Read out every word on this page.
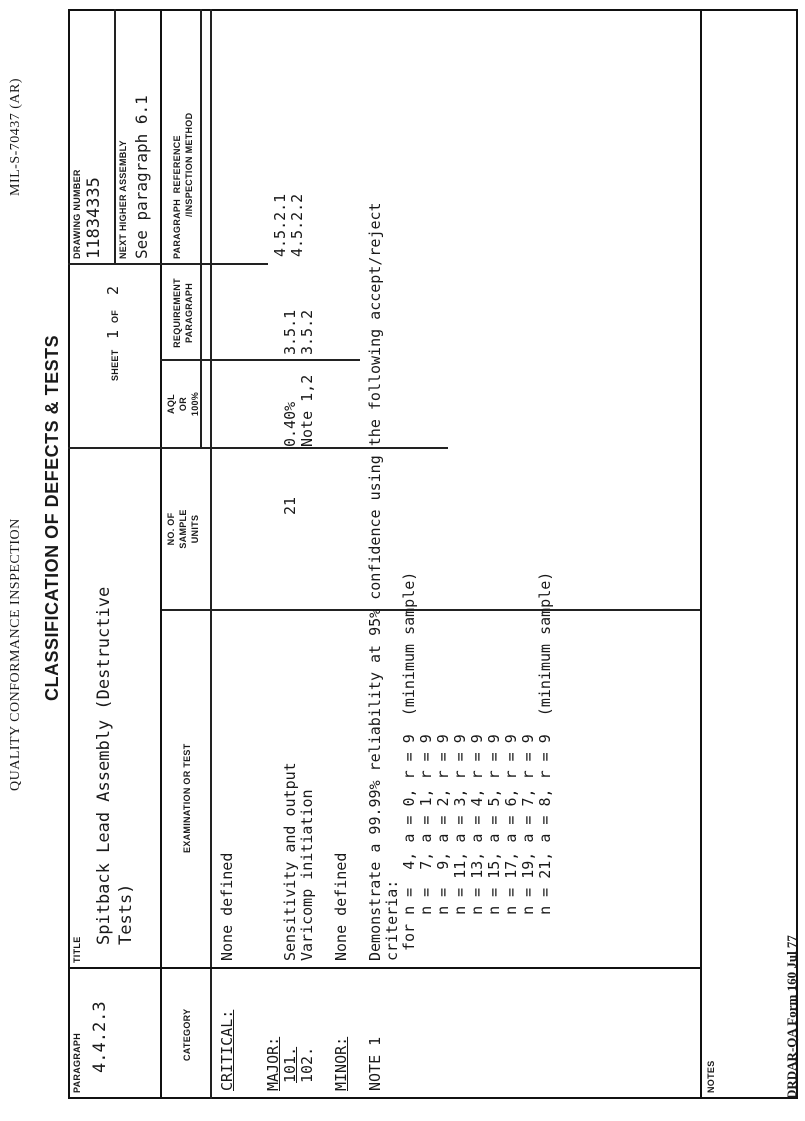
QUALITY CONFORMANCE INSPECTION
MIL-S-70437 (AR)
CLASSIFICATION OF DEFECTS & TESTS
PARAGRAPH 4.4.2.3
TITLE
Spitback Lead Assembly (Destructive Tests)
SHEET
1
OF
2
DRAWING NUMBER 11834335 NEXT HIGHER ASSEMBLY See paragraph 6.1
CATEGORY
EXAMINATION OR TEST
NO. OF SAMPLE UNITS
AQL OR 100%
REQUIREMENT PARAGRAPH
PARAGRAPH  REFERENCE /INSPECTION METHOD
CRITICAL:
None defined
MAJOR: 101. 102.
Sensitivity and output Varicomp initiation
21
0.40% Note 1,2
3.5.1 3.5.2
4.5.2.1 4.5.2.2
MINOR:
None defined
NOTE 1
Demonstrate a 99.99% reliability at 95% confidence using the following accept/reject criteria: for n =  4, a = 0, r = 9  (minimum sample) n =  7, a = 1, r = 9 n =  9, a = 2, r = 9 n = 11, a = 3, r = 9 n = 13, a = 4, r = 9 n = 15, a = 5, r = 9 n = 17, a = 6, r = 9 n = 19, a = 7, r = 9 n = 21, a = 8, r = 9  (minimum sample)
NOTES	DRDAR-QA Form 160 Jul 77
